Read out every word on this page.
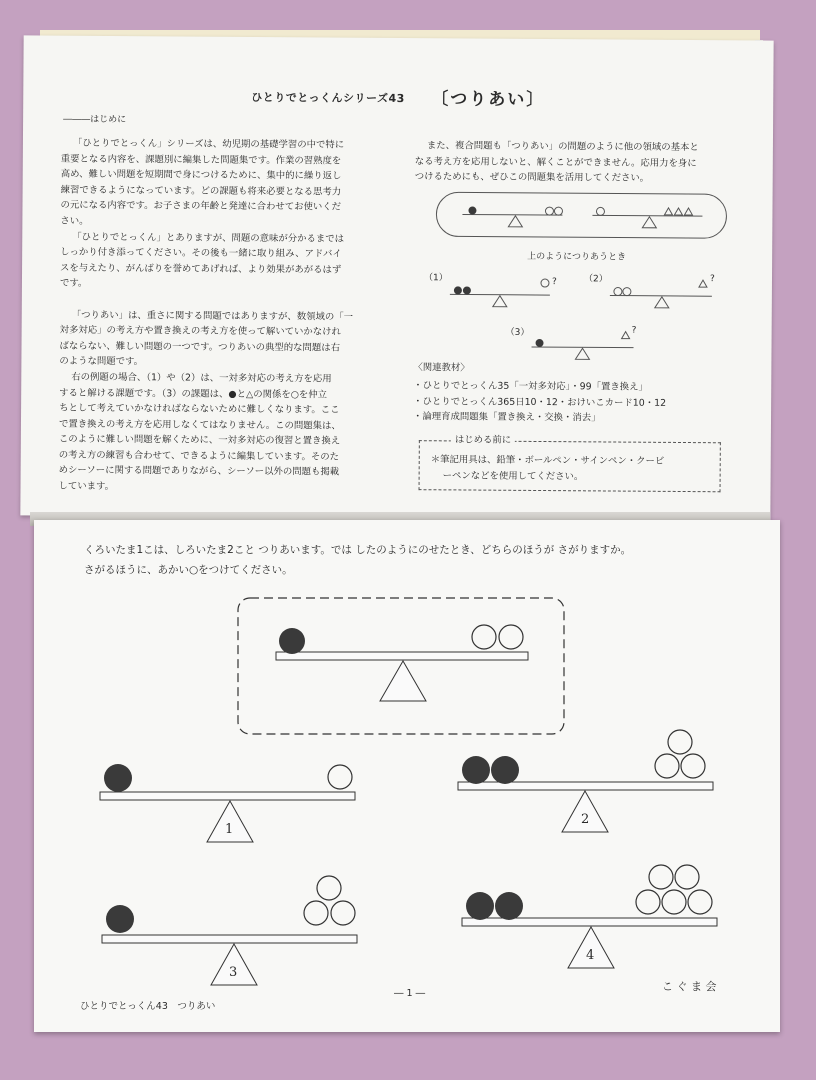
ひとりでとっくんシリーズ43 〔つりあい〕
―――はじめに
「ひとりでとっくん」シリーズは、幼児期の基礎学習の中で特に
重要となる内容を、課題別に編集した問題集です。作業の習熟度を
高め、難しい問題を短期間で身につけるために、集中的に繰り返し
練習できるようになっています。どの課題も将来必要となる思考力
の元になる内容です。お子さまの年齢と発達に合わせてお使いくだ
さい。
「ひとりでとっくん」とありますが、問題の意味が分かるまでは
しっかり付き添ってください。その後も一緒に取り組み、アドバイ
スを与えたり、がんばりを誉めてあげれば、より効果があがるはず
です。

「つりあい」は、重さに関する問題ではありますが、数領域の「一
対多対応」の考え方や置き換えの考え方を使って解いていかなけれ
ばならない、難しい問題の一つです。つりあいの典型的な問題は右
のような問題です。
右の例題の場合、（1）や（2）は、一対多対応の考え方を応用
すると解ける課題です。（3）の課題は、●と△の関係を○を仲立
ちとして考えていかなければならないために難しくなります。ここ
で置き換えの考え方を応用しなくてはなりません。この問題集は、
このように難しい問題を解くために、一対多対応の復習と置き換え
の考え方の練習も合わせて、できるように編集しています。そのた
めシーソーに関する問題でありながら、シーソー以外の問題も掲載
しています。
また、複合問題も「つりあい」の問題のように他の領域の基本と
なる考え方を応用しないと、解くことができません。応用力を身に
つけるためにも、ぜひこの問題集を活用してください。
上のようにつりあうとき
（1）	（2）
（3）
?	?
?
〈関連教材〉
・ひとりでとっくん35「一対多対応」・99「置き換え」
・ひとりでとっくん365日10・12・おけいこカード10・12
・論理育成問題集「置き換え・交換・消去」
はじめる前に
＊筆記用具は、鉛筆・ボールペン・サインペン・クービ
ーペンなどを使用してください。
くろいたま1こは、しろいたま2こと つりあいます。では したのようにのせたとき、どちらのほうが さがりますか。
さがるほうに、あかい○をつけてください。
1
2
3
4
ひとりでとっくん43　つりあい
― 1 ―
こ ぐ ま 会
